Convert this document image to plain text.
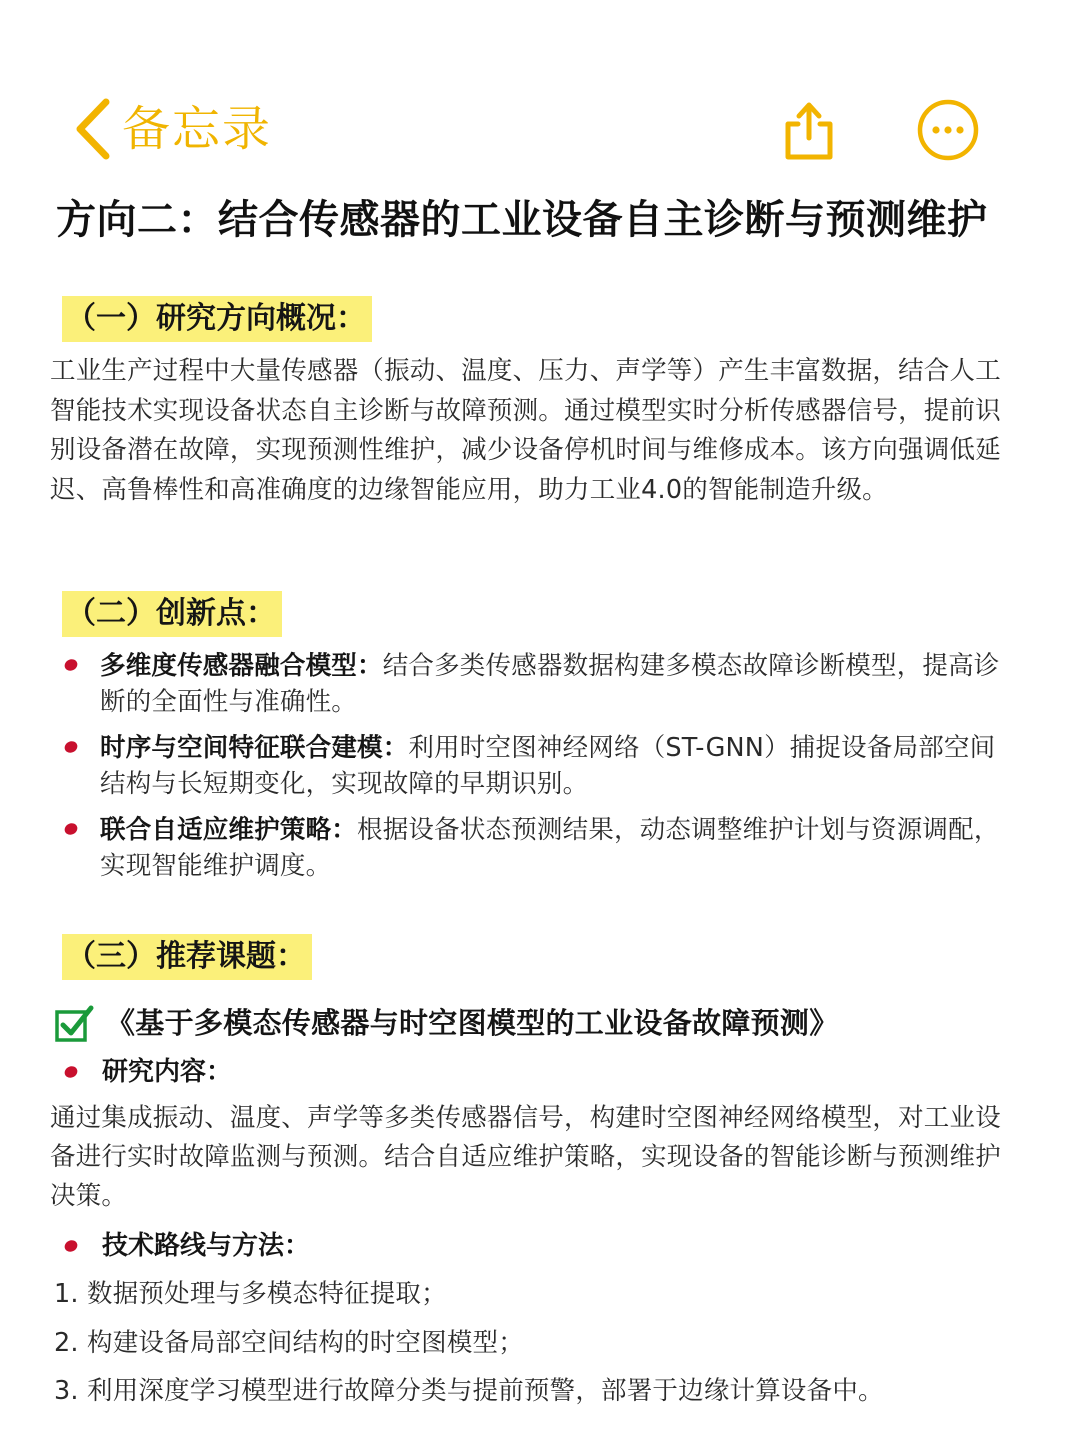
备忘录
方向二：结合传感器的工业设备自主诊断与预测维护
（一）研究方向概况：
工业生产过程中大量传感器（振动、温度、压力、声学等）产生丰富数据，结合人工智能技术实现设备状态自主诊断与故障预测。通过模型实时分析传感器信号，提前识别设备潜在故障，实现预测性维护，减少设备停机时间与维修成本。该方向强调低延迟、高鲁棒性和高准确度的边缘智能应用，助力工业4.0的智能制造升级。
（二）创新点：
多维度传感器融合模型：结合多类传感器数据构建多模态故障诊断模型，提高诊断的全面性与准确性。
时序与空间特征联合建模：利用时空图神经网络（ST-GNN）捕捉设备局部空间结构与长短期变化，实现故障的早期识别。
联合自适应维护策略：根据设备状态预测结果，动态调整维护计划与资源调配，实现智能维护调度。
（三）推荐课题：
《基于多模态传感器与时空图模型的工业设备故障预测》
研究内容：
通过集成振动、温度、声学等多类传感器信号，构建时空图神经网络模型，对工业设备进行实时故障监测与预测。结合自适应维护策略，实现设备的智能诊断与预测维护决策。
技术路线与方法：
1. 数据预处理与多模态特征提取；
2. 构建设备局部空间结构的时空图模型；
3. 利用深度学习模型进行故障分类与提前预警，部署于边缘计算设备中。
